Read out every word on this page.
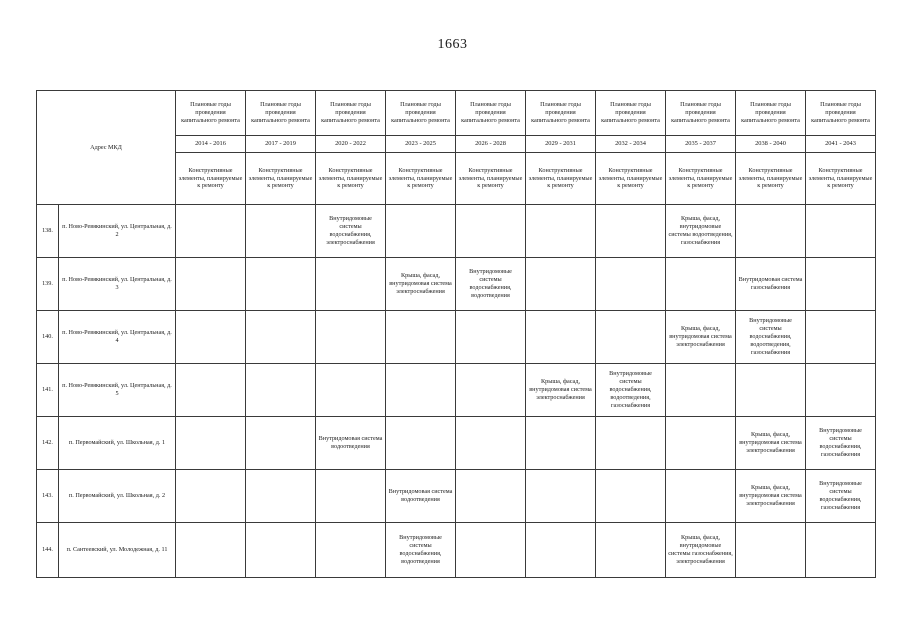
1663
Адрес МКД		Плановые годы проведения капитального ремонта	Плановые годы проведения капитального ремонта	Плановые годы проведения капитального ремонта	Плановые годы проведения капитального ремонта	Плановые годы проведения капитального ремонта	Плановые годы проведения капитального ремонта	Плановые годы проведения капитального ремонта	Плановые годы проведения капитального ремонта	Плановые годы проведения капитального ремонта	Плановые годы проведения капитального ремонта
		2014 - 2016	2017 - 2019	2020 - 2022	2023 - 2025	2026 - 2028	2029 - 2031	2032 - 2034	2035 - 2037	2038 - 2040	2041 - 2043
		Конструктивные элементы, планируемые к ремонту	Конструктивные элементы, планируемые к ремонту	Конструктивные элементы, планируемые к ремонту	Конструктивные элементы, планируемые к ремонту	Конструктивные элементы, планируемые к ремонту	Конструктивные элементы, планируемые к ремонту	Конструктивные элементы, планируемые к ремонту	Конструктивные элементы, планируемые к ремонту	Конструктивные элементы, планируемые к ремонту	Конструктивные элементы, планируемые к ремонту
138.	п. Ново-Ревякинский, ул. Центральная, д. 2			Внутридомовые системы водоснабжения, электроснабжения					Крыша, фасад, внутридомовые системы водоотведения, газоснабжения		
139.	п. Ново-Ревякинский, ул. Центральная, д. 3				Крыша, фасад, внутридомовая система электроснабжения	Внутридомовые системы водоснабжения, водоотведения				Внутридомовая система газоснабжения	
140.	п. Ново-Ревякинский, ул. Центральная, д. 4								Крыша, фасад, внутридомовая система электроснабжения	Внутридомовые системы водоснабжения, водоотведения, газоснабжения	
141.	п. Ново-Ревякинский, ул. Центральная, д. 5						Крыша, фасад, внутридомовая система электроснабжения	Внутридомовые системы водоснабжения, водоотведения, газоснабжения			
142.	п. Первомайский, ул. Школьная, д. 1			Внутридомовая система водоотведения						Крыша, фасад, внутридомовая система электроснабжения	Внутридомовые системы водоснабжения, газоснабжения
143.	п. Первомайский, ул. Школьная, д. 2				Внутридомовая система водоотведения					Крыша, фасад, внутридомовая система электроснабжения	Внутридомовые системы водоснабжения, газоснабжения
144.	п. Сантеевский, ул. Молодежная, д. 11				Внутридомовые системы водоснабжения, водоотведения				Крыша, фасад, внутридомовые системы газоснабжения, электроснабжения		
